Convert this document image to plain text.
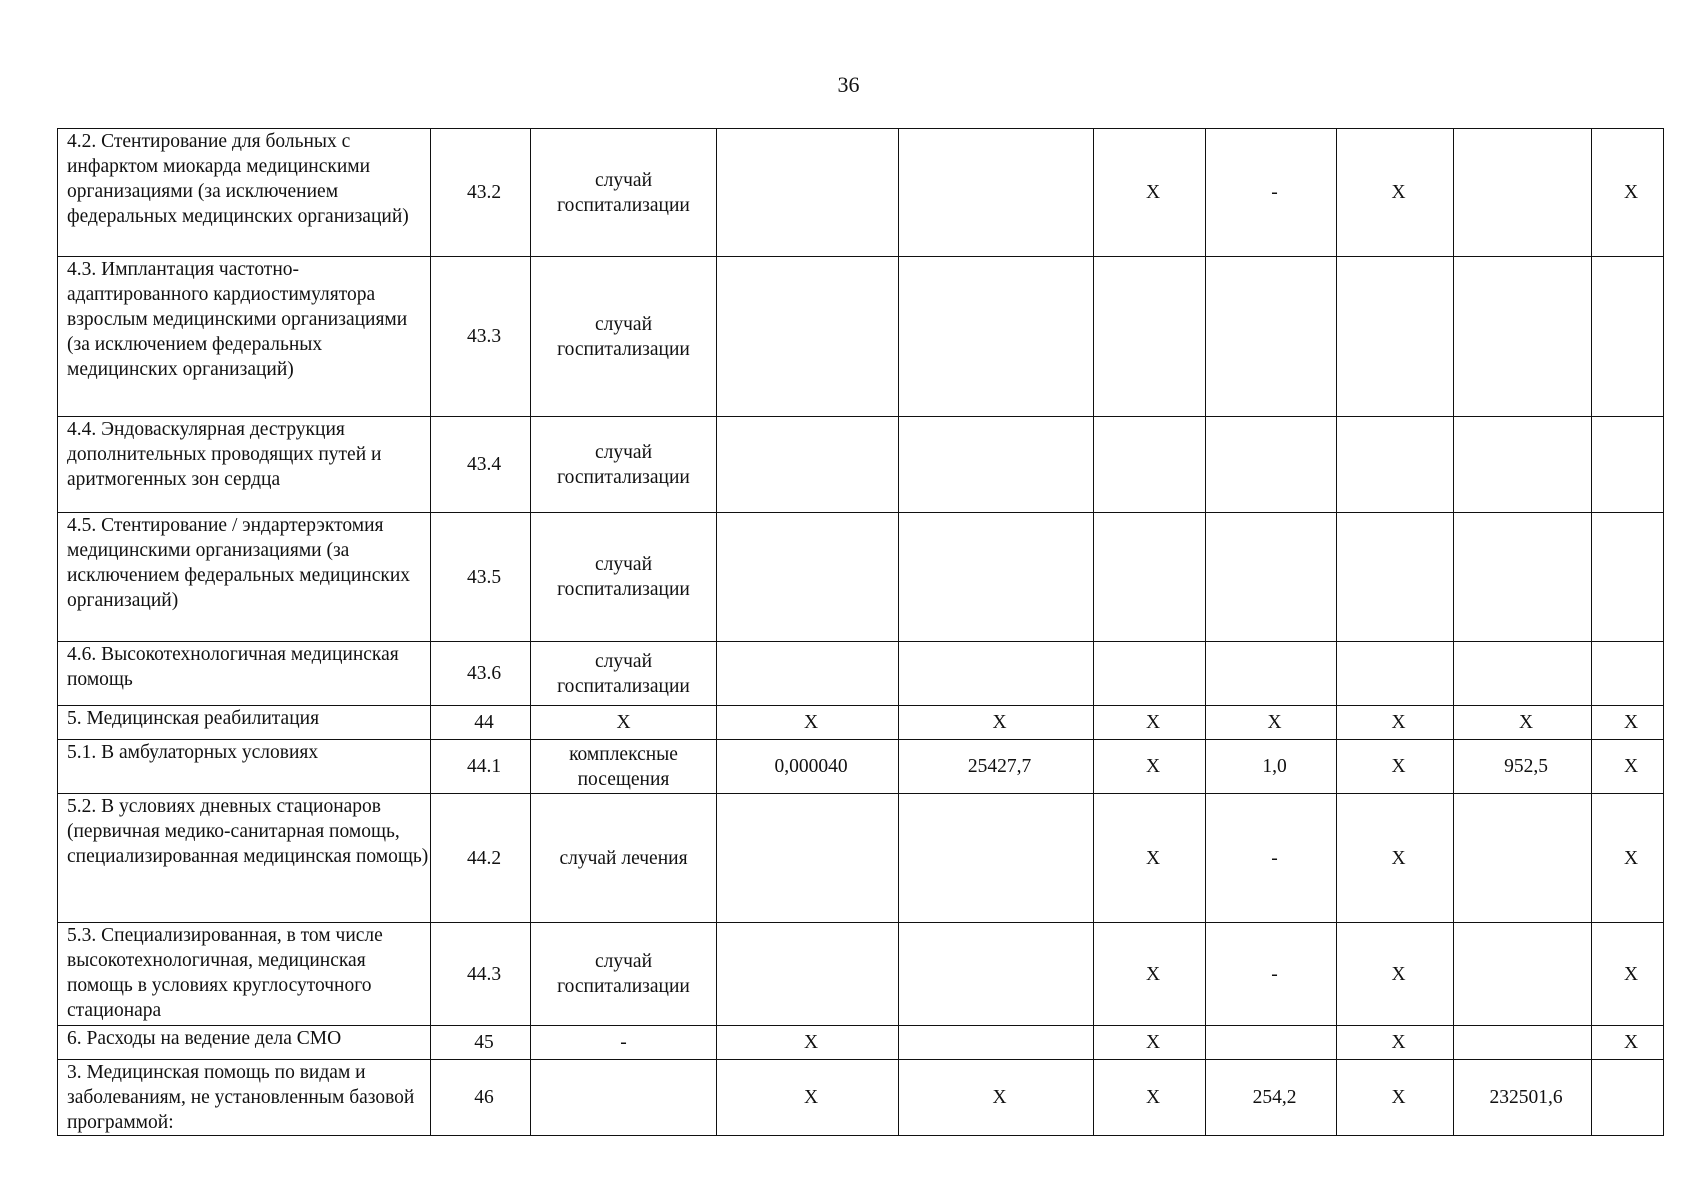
36
4.2. Стентирование для больных с инфарктом миокарда медицинскими организациями (за исключением федеральных медицинских организаций)	43.2	случай госпитализации			X	-	X		X
4.3. Имплантация частотно-адаптированного кардиостимулятора взрослым медицинскими организациями (за исключением федеральных медицинских организаций)	43.3	случай госпитализации							
4.4. Эндоваскулярная деструкция дополнительных проводящих путей и аритмогенных зон сердца	43.4	случай госпитализации							
4.5. Стентирование / эндартерэктомия медицинскими организациями (за исключением федеральных медицинских организаций)	43.5	случай госпитализации							
4.6. Высокотехнологичная медицинская помощь	43.6	случай госпитализации							
5. Медицинская реабилитация	44	X	X	X	X	X	X	X	X
5.1. В амбулаторных условиях	44.1	комплексные посещения	0,000040	25427,7	X	1,0	X	952,5	X
5.2. В условиях дневных стационаров (первичная медико-санитарная помощь, специализированная медицинская помощь)	44.2	случай лечения			X	-	X		X
5.3. Специализированная, в том числе высокотехнологичная, медицинская помощь в условиях круглосуточного стационара	44.3	случай госпитализации			X	-	X		X
6. Расходы на ведение дела СМО	45	-	X		X		X		X
3. Медицинская помощь по видам и заболеваниям, не установленным базовой программой:	46		X	X	X	254,2	X	232501,6	
